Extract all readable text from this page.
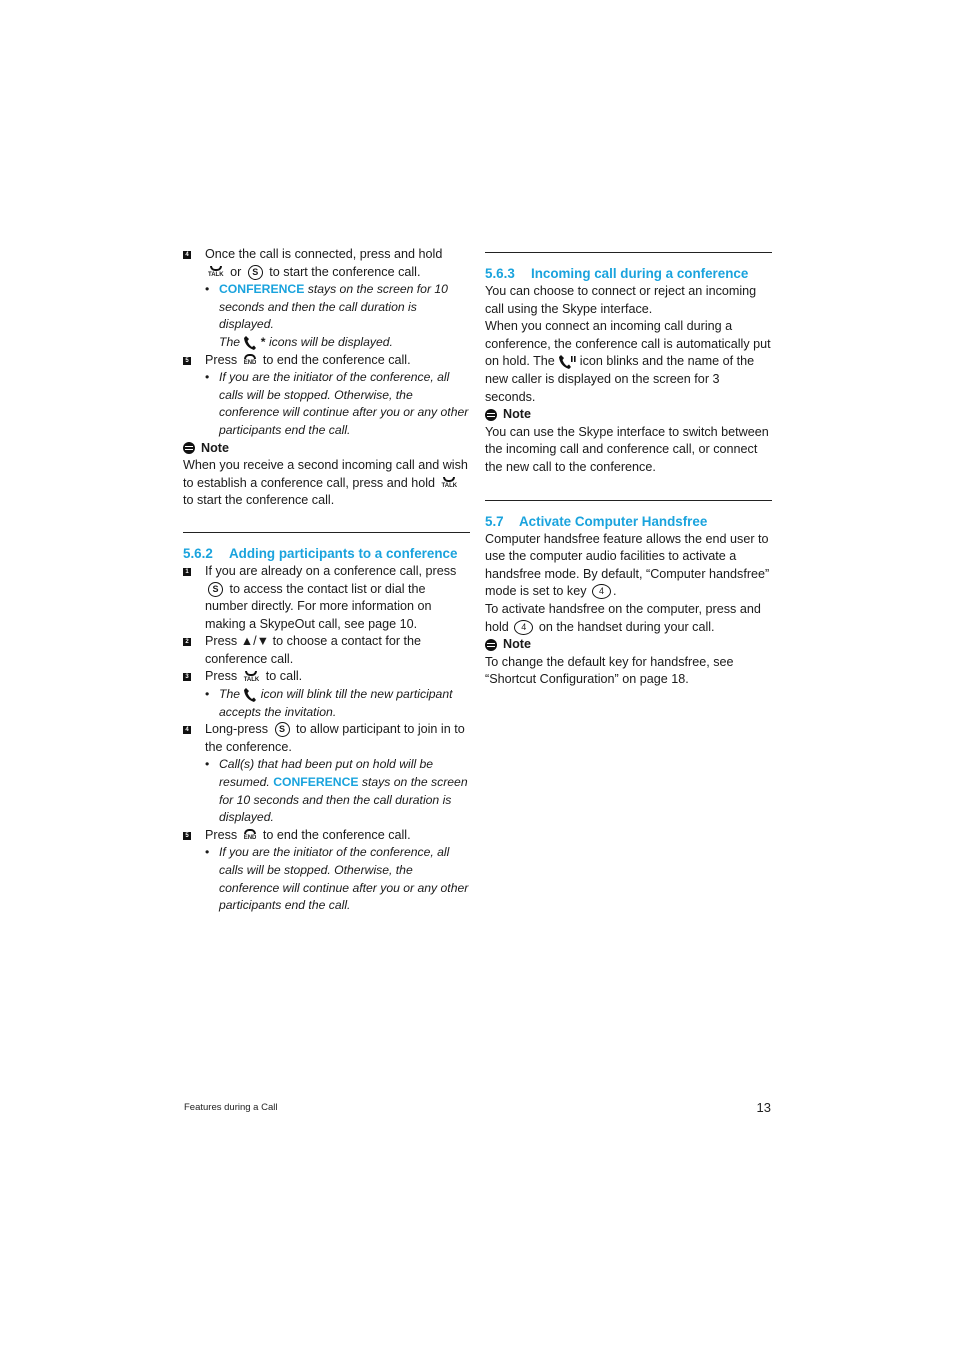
4 Once the call is connected, press and hold

TALK or S to start the conference call.
• CONFERENCE stays on the screen for 10 seconds and then the call duration is displayed.
The * icons will be displayed.
5 Press END to end the conference call.
• If you are the initiator of the conference, all calls will be stopped. Otherwise, the conference will continue after you or any other participants end the call.
Note

When you receive a second incoming call and wish to establish a conference call, press and hold TALK to start the conference call.

5.6.2 Adding participants to a conference
1 If you are already on a conference call, press S to access the contact list or dial the number directly. For more information on making a SkypeOut call, see page 10.
2 Press ▲/▼ to choose a contact for the conference call.
3 Press TALK to call.
• The icon will blink till the new participant accepts the invitation.
4 Long-press S to allow participant to join in to the conference.
• Call(s) that had been put on hold will be resumed. CONFERENCE stays on the screen for 10 seconds and then the call duration is displayed.
5 Press END to end the conference call.
• If you are the initiator of the conference, all calls will be stopped. Otherwise, the conference will continue after you or any other participants end the call.
5.6.3 Incoming call during a conference

You can choose to connect or reject an incoming call using the Skype interface.

When you connect an incoming call during a conference, the conference call is automatically put on hold. The icon blinks and the name of the new caller is displayed on the screen for 3 seconds.

Note

You can use the Skype interface to switch between the incoming call and conference call, or connect the new call to the conference.

5.7 Activate Computer Handsfree

Computer handsfree feature allows the end user to use the computer audio facilities to activate a handsfree mode. By default, “Computer handsfree” mode is set to key 4 .

To activate handsfree on the computer, press and hold 4 on the handset during your call.

Note

To change the default key for handsfree, see “Shortcut Configuration” on page 18.

Features during a Call	13
